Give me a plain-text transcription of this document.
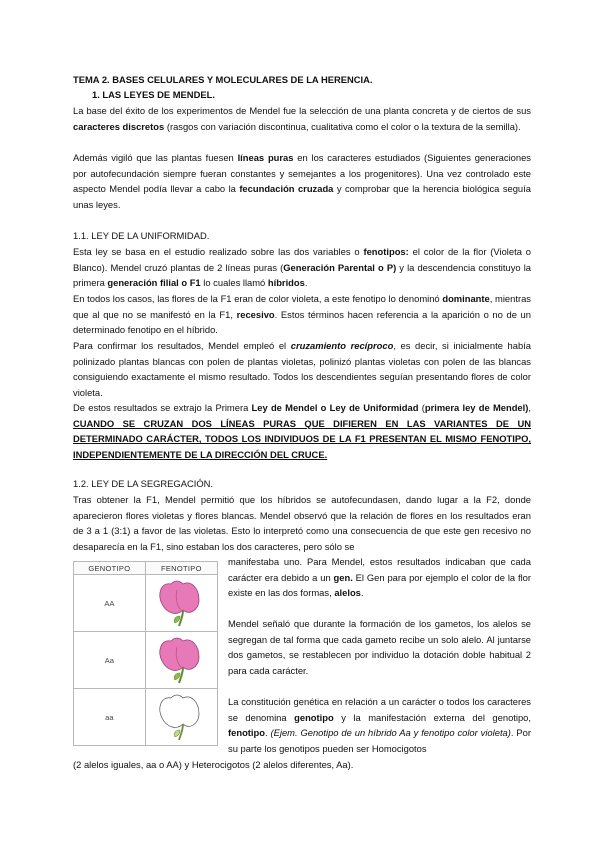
TEMA 2. BASES CELULARES Y MOLECULARES DE LA HERENCIA.
1. LAS LEYES DE MENDEL.

La base del éxito de los experimentos de Mendel fue la selección de una planta concreta y de ciertos de sus caracteres discretos (rasgos con variación discontinua, cualitativa como el color o la textura de la semilla).

Además vigiló que las plantas fuesen líneas puras en los caracteres estudiados (Siguientes generaciones por autofecundación siempre fueran constantes y semejantes a los progenitores). Una vez controlado este aspecto Mendel podía llevar a cabo la fecundación cruzada y comprobar que la herencia biológica seguía unas leyes.

1.1. LEY DE LA UNIFORMIDAD.

Esta ley se basa en el estudio realizado sobre las dos variables o fenotipos: el color de la flor (Violeta o Blanco). Mendel cruzó plantas de 2 líneas puras (Generación Parental o P) y la descendencia constituyo la primera generación filial o F1 lo cuales llamó híbridos.

En todos los casos, las flores de la F1 eran de color violeta, a este fenotipo lo denominó dominante, mientras que al que no se manifestó en la F1, recesivo. Estos términos hacen referencia a la aparición o no de un determinado fenotipo en el híbrido.

Para confirmar los resultados, Mendel empleó el cruzamiento recíproco, es decir, si inicialmente había polinizado plantas blancas con polen de plantas violetas, polinizó plantas violetas con polen de las blancas consiguiendo exactamente el mismo resultado. Todos los descendientes seguían presentando flores de color violeta.

De estos resultados se extrajo la Primera Ley de Mendel o Ley de Uniformidad (primera ley de Mendel), CUANDO SE CRUZAN DOS LÍNEAS PURAS QUE DIFIEREN EN LAS VARIANTES DE UN DETERMINADO CARÁCTER, TODOS LOS INDIVIDUOS DE LA F1 PRESENTAN EL MISMO FENOTIPO, INDEPENDIENTEMENTE DE LA DIRECCIÓN DEL CRUCE.

1.2. LEY DE LA SEGREGACIÓN.

Tras obtener la F1, Mendel permitió que los híbridos se autofecundasen, dando lugar a la F2, donde aparecieron flores violetas y flores blancas. Mendel observó que la relación de flores en los resultados eran de 3 a 1 (3:1) a favor de las violetas. Esto lo interpretó como una consecuencia de que este gen recesivo no desaparecía en la F1, sino estaban los dos caracteres, pero sólo se

GENOTIPO	FENOTIPO
AA	
Aa	
aa	

manifestaba uno. Para Mendel, estos resultados indicaban que cada carácter era debido a un gen. El Gen para por ejemplo el color de la flor existe en las dos formas, alelos.

Mendel señaló que durante la formación de los gametos, los alelos se segregan de tal forma que cada gameto recibe un solo alelo. Al juntarse dos gametos, se restablecen por individuo la dotación doble habitual 2 para cada carácter.

La constitución genética en relación a un carácter o todos los caracteres se denomina genotipo y la manifestación externa del genotipo, fenotipo. (Ejem. Genotipo de un híbrido Aa y fenotipo color violeta). Por su parte los genotipos pueden ser Homocigotos

(2 alelos iguales, aa o AA) y Heterocigotos (2 alelos diferentes, Aa).
